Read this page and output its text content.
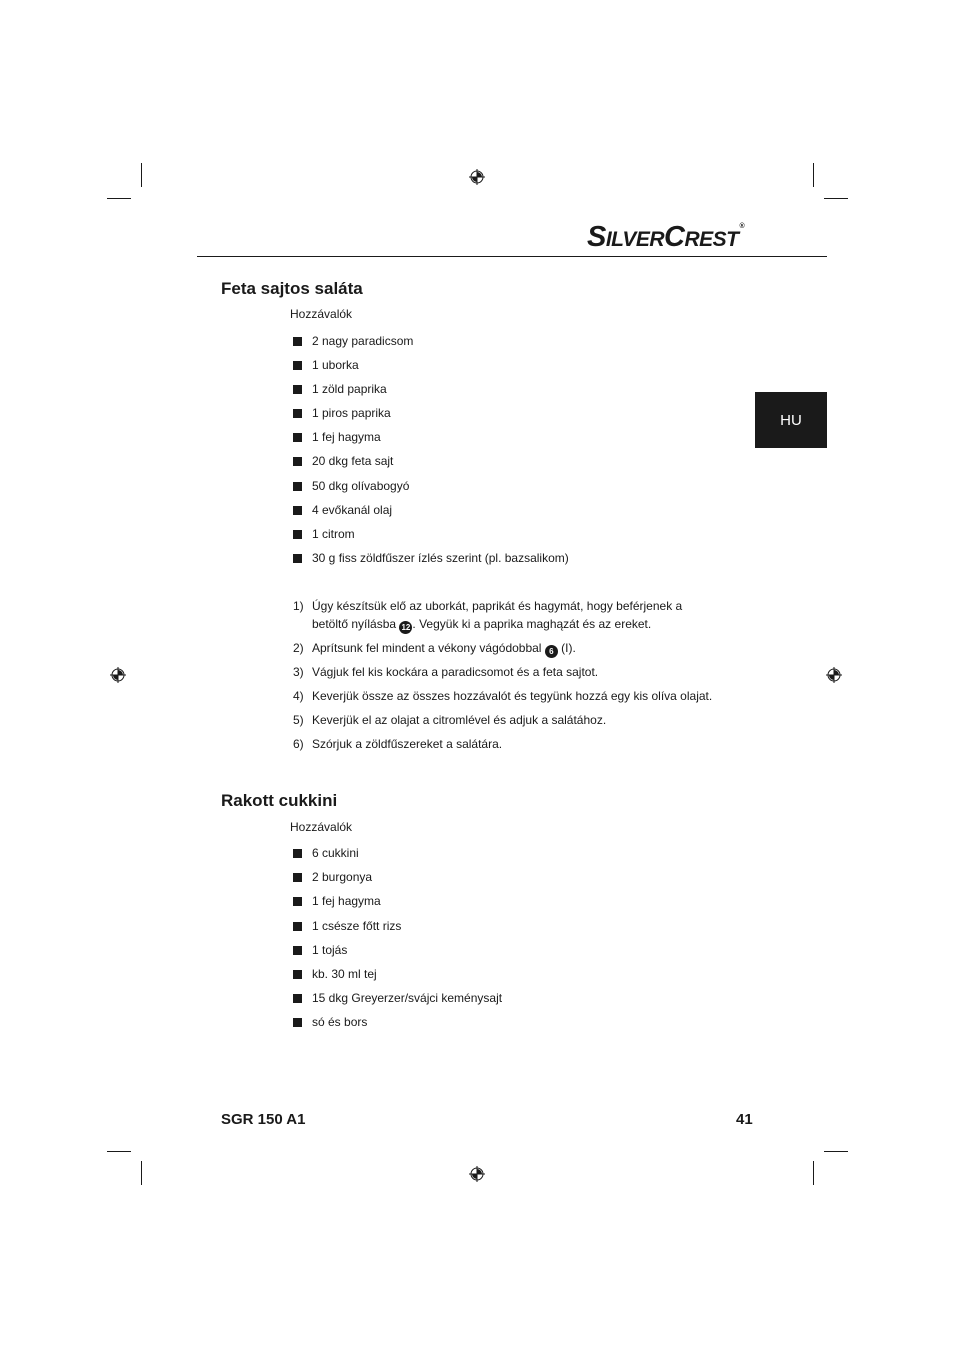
SILVERCREST®
HU
Feta sajtos saláta
Hozzávalók
2 nagy paradicsom
1 uborka
1 zöld paprika
1 piros paprika
1 fej hagyma
20 dkg feta sajt
50 dkg olívabogyó
4 evőkanál olaj
1 citrom
30 g fiss zöldfűszer ízlés szerint (pl. bazsalikom)
1) Úgy készítsük elő az uborkát, paprikát és hagymát, hogy beférjenek a
betöltő nyílásba 12 . Vegyük ki a paprika maghązát és az ereket.
2) Aprítsunk fel mindent a vékony vágódobbal 6 (I).
3) Vágjuk fel kis kockára a paradicsomot és a feta sajtot.
4) Keverjük össze az összes hozzávalót és tegyünk hozzá egy kis olíva olajat.
5) Keverjük el az olajat a citromlével és adjuk a salátához.
6) Szórjuk a zöldfűszereket a salátára.
Rakott cukkini
Hozzávalók
6 cukkini
2 burgonya
1 fej hagyma
1 csésze főtt rizs
1 tojás
kb. 30 ml tej
15 dkg Greyerzer/svájci keménysajt
só és bors
SGR 150 A1	41
